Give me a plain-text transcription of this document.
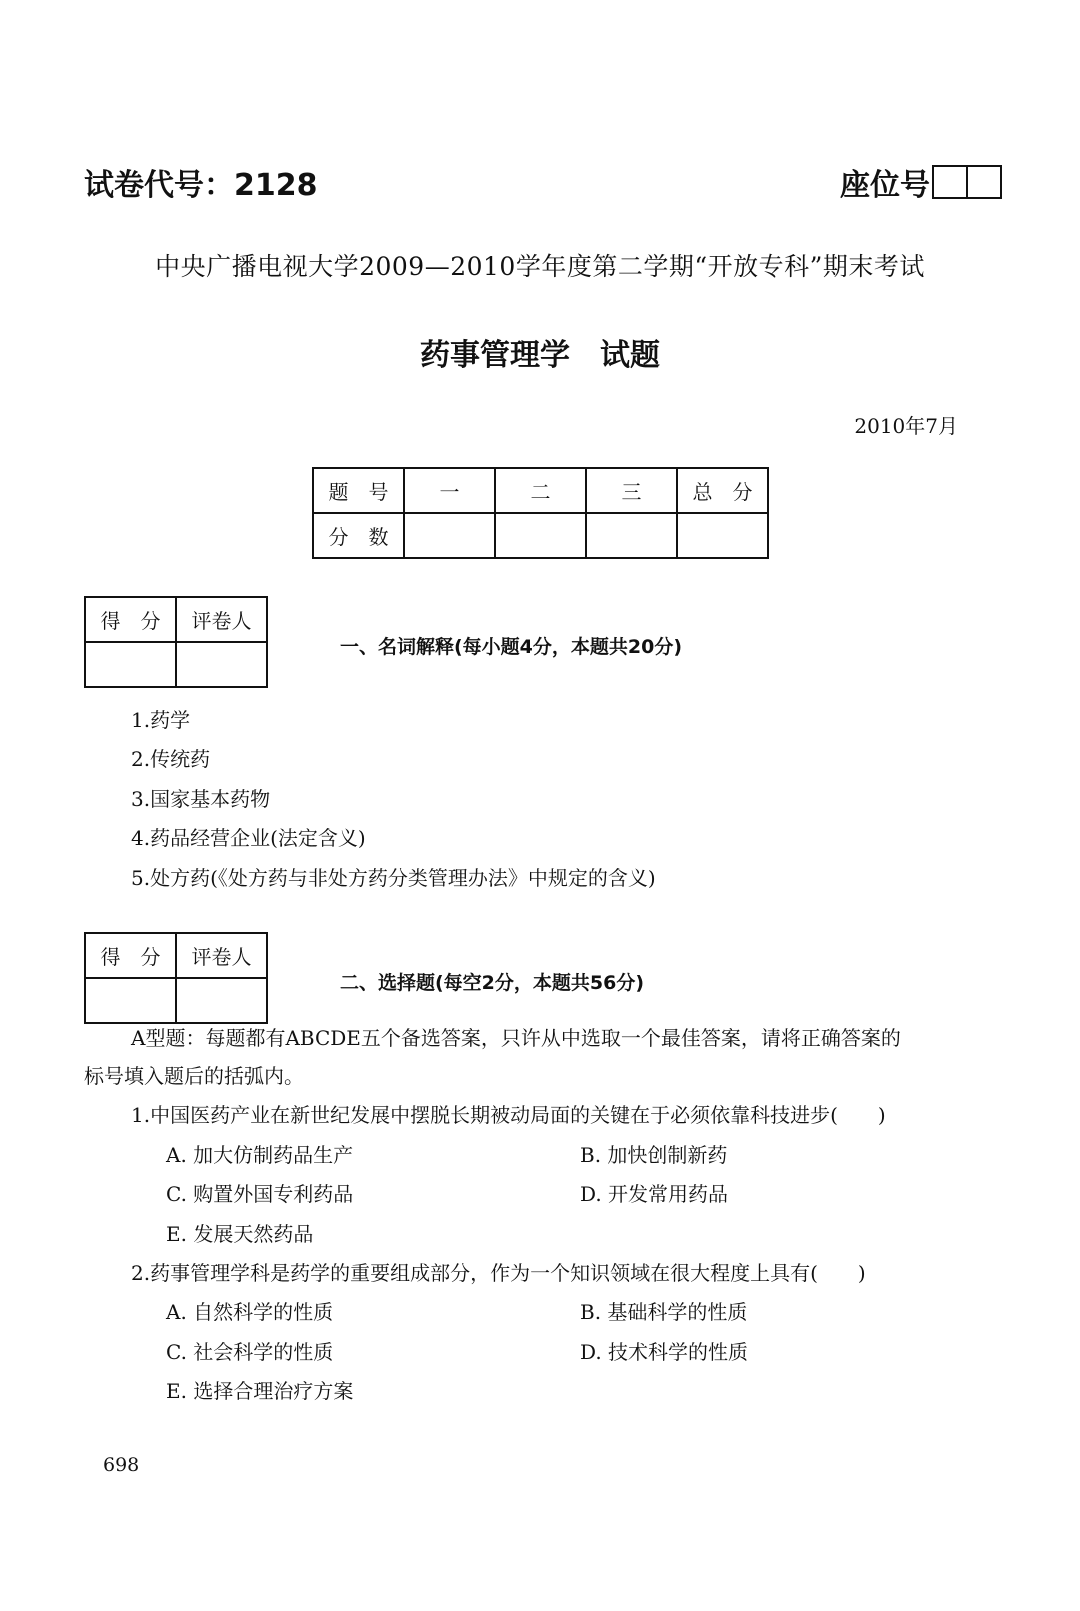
试卷代号：2128	座位号
中央广播电视大学2009—2010学年度第二学期“开放专科”期末考试
药事管理学　试题
2010年7月
题　号	一	二	三	总　分
分　数				
得　分	评卷人

一、名词解释(每小题4分，本题共20分)
1.药学
2.传统药
3.国家基本药物
4.药品经营企业(法定含义)
5.处方药(《处方药与非处方药分类管理办法》中规定的含义)
得　分	评卷人

二、选择题(每空2分，本题共56分)
A型题：每题都有ABCDE五个备选答案，只许从中选取一个最佳答案，请将正确答案的
标号填入题后的括弧内。
1.中国医药产业在新世纪发展中摆脱长期被动局面的关键在于必须依靠科技进步(　　)
A. 加大仿制药品生产	B. 加快创制新药
C. 购置外国专利药品	D. 开发常用药品
E. 发展天然药品
2.药事管理学科是药学的重要组成部分，作为一个知识领域在很大程度上具有(　　)
A. 自然科学的性质	B. 基础科学的性质
C. 社会科学的性质	D. 技术科学的性质
E. 选择合理治疗方案
698
